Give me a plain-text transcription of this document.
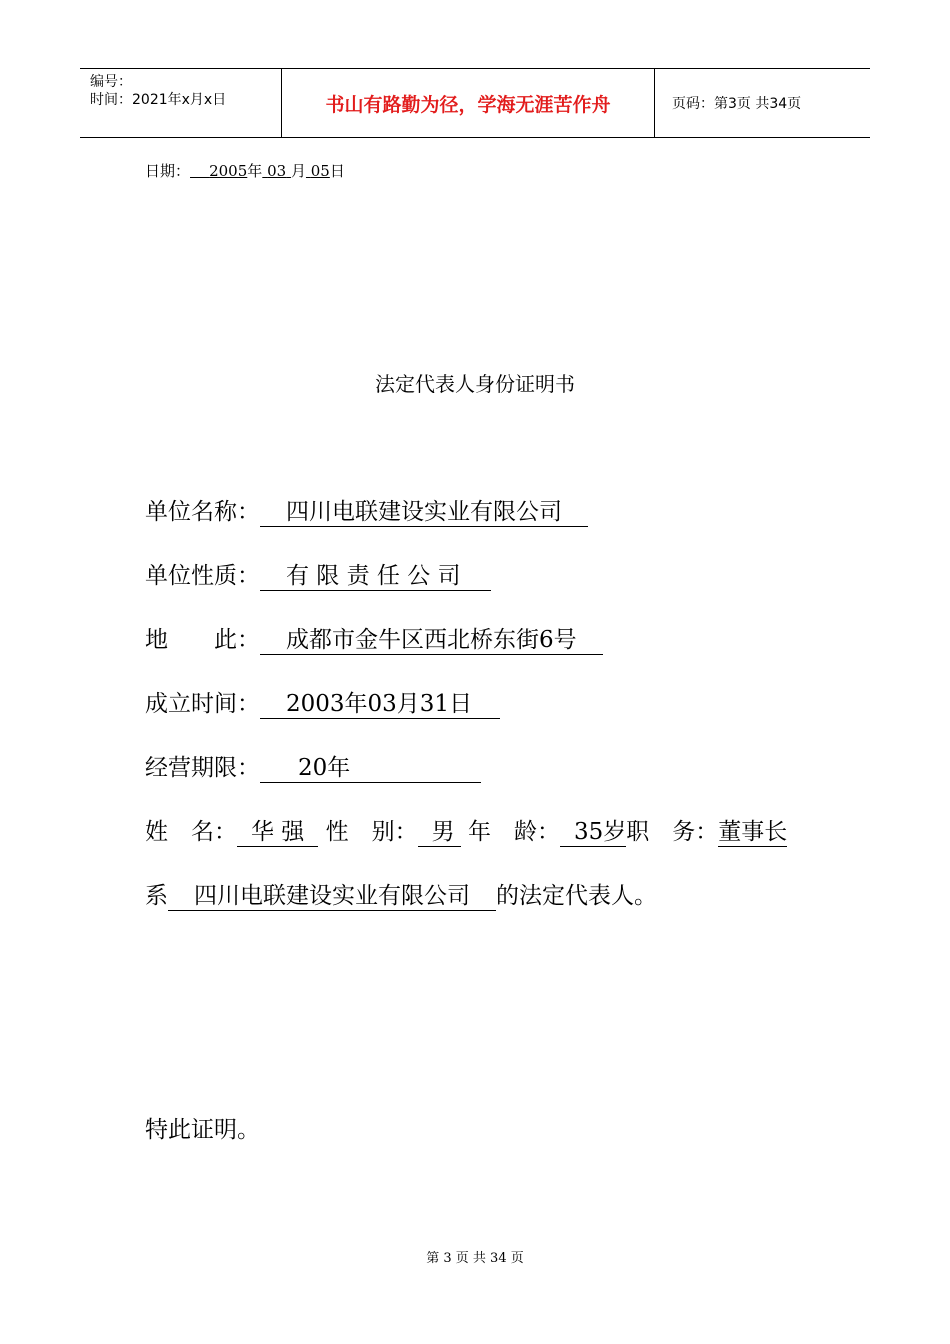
编号：
时间：2021年x月x日	书山有路勤为径，学海无涯苦作舟	页码：第3页 共34页
日期： 2005年 03 月 05日
法定代表人身份证明书
单位名称： 四川电联建设实业有限公司
单位性质： 有 限 责 任 公 司
地　　此： 成都市金牛区西北桥东街6号
成立时间： 2003年03月31日
经营期限： 20年
姓　名： 华 强 性　别： 男 年　龄： 35岁职　务：董事长
系 四川电联建设实业有限公司 的法定代表人。
特此证明。
第 3 页 共 34 页
